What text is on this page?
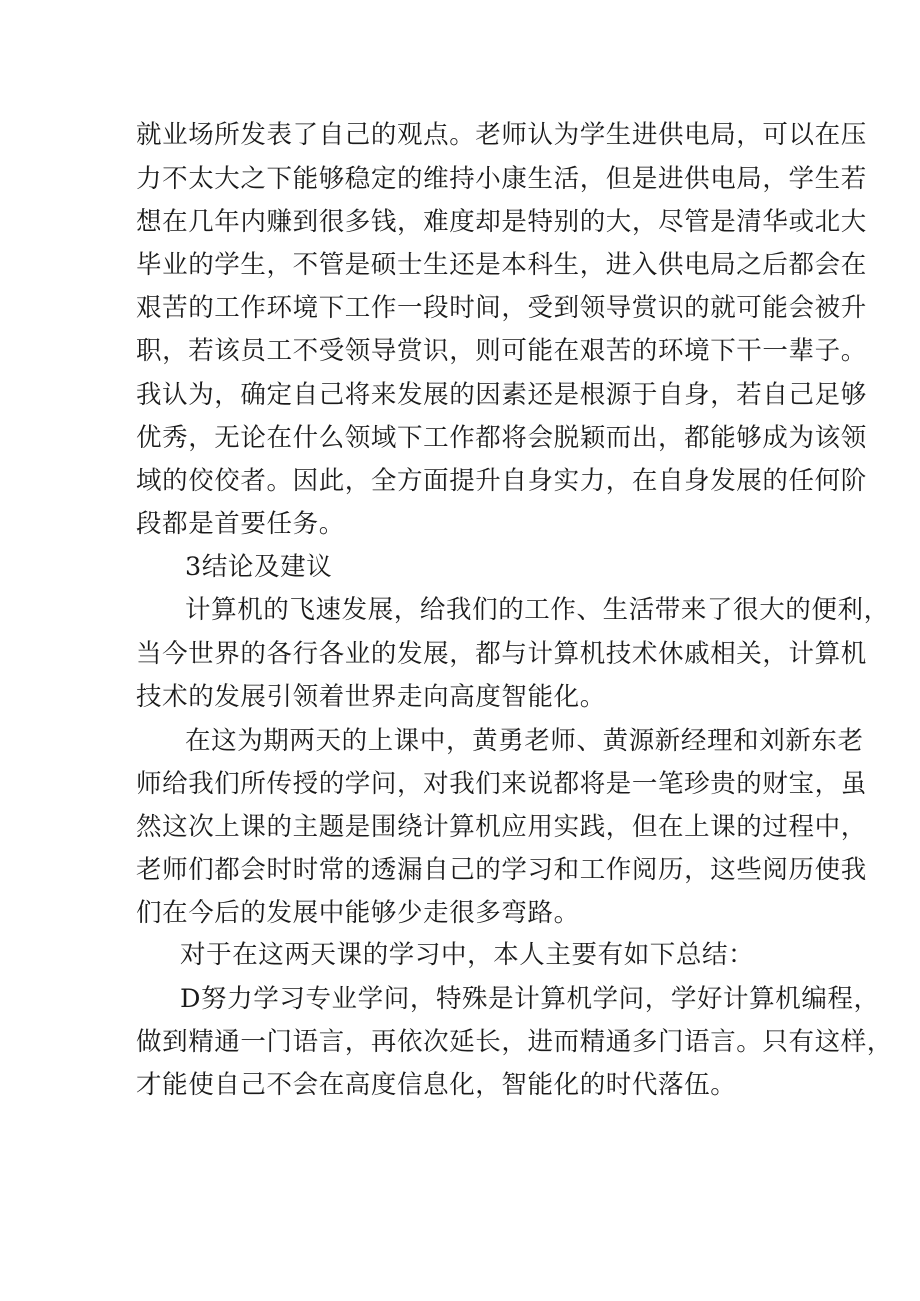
就业场所发表了自己的观点。老师认为学生进供电局，可以在压

力不太大之下能够稳定的维持小康生活，但是进供电局，学生若

想在几年内赚到很多钱，难度却是特别的大，尽管是清华或北大

毕业的学生，不管是硕士生还是本科生，进入供电局之后都会在

艰苦的工作环境下工作一段时间，受到领导赏识的就可能会被升

职，若该员工不受领导赏识，则可能在艰苦的环境下干一辈子。

我认为，确定自己将来发展的因素还是根源于自身，若自己足够

优秀，无论在什么领域下工作都将会脱颖而出，都能够成为该领

域的佼佼者。因此，全方面提升自身实力，在自身发展的任何阶

段都是首要任务。

3结论及建议

计算机的飞速发展，给我们的工作、生活带来了很大的便利，

当今世界的各行各业的发展，都与计算机技术休戚相关，计算机

技术的发展引领着世界走向高度智能化。

在这为期两天的上课中，黄勇老师、黄源新经理和刘新东老

师给我们所传授的学问，对我们来说都将是一笔珍贵的财宝，虽

然这次上课的主题是围绕计算机应用实践，但在上课的过程中，

老师们都会时时常的透漏自己的学习和工作阅历，这些阅历使我

们在今后的发展中能够少走很多弯路。

对于在这两天课的学习中，本人主要有如下总结：

D努力学习专业学问，特殊是计算机学问，学好计算机编程，

做到精通一门语言，再依次延长，进而精通多门语言。只有这样，

才能使自己不会在高度信息化，智能化的时代落伍。
